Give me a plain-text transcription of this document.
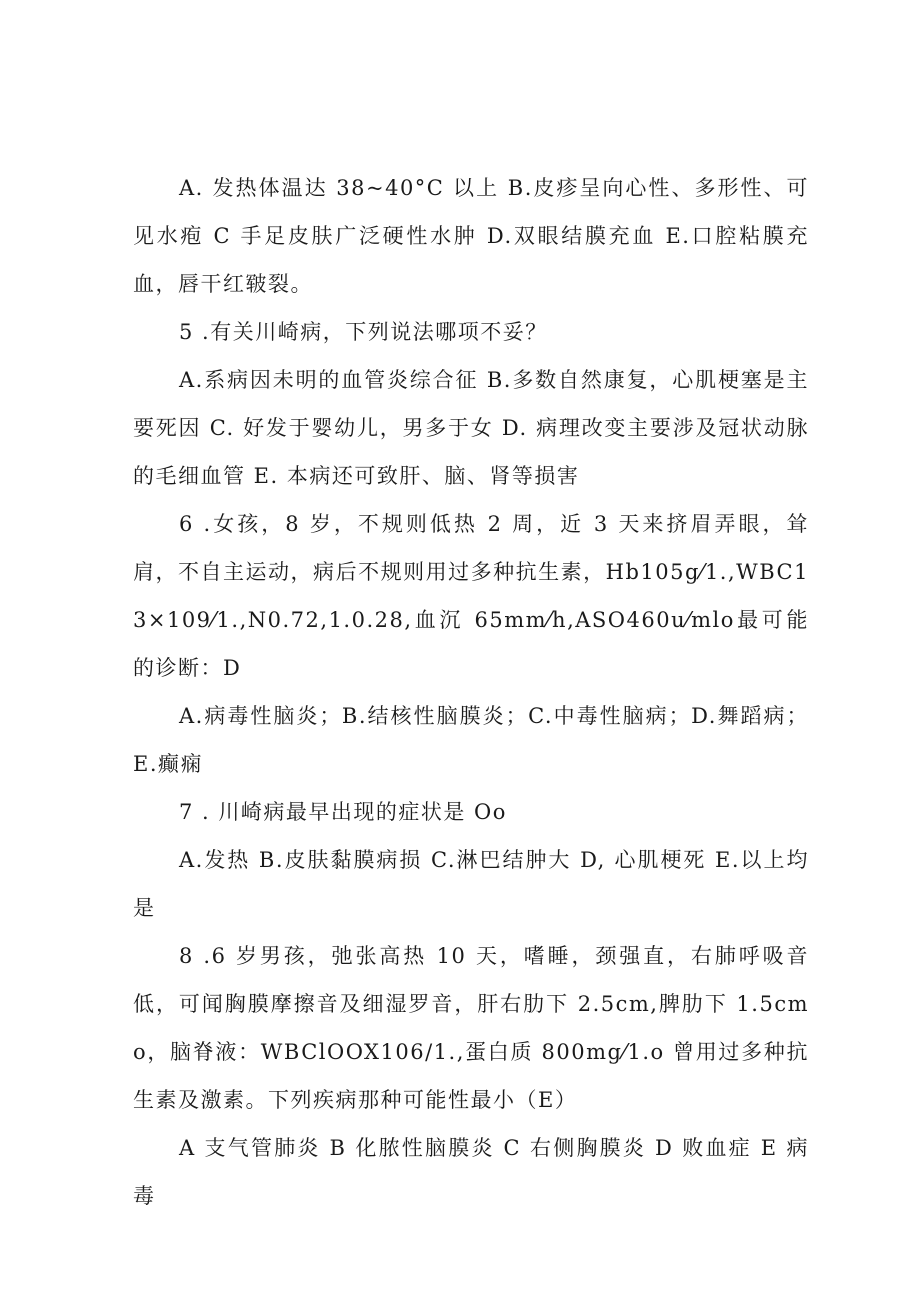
A. 发热体温达 38~40°C 以上 B.皮疹呈向心性、多形性、可见水疱 C 手足皮肤广泛硬性水肿 D.双眼结膜充血 E.口腔粘膜充血，唇干红皲裂。

5 .有关川崎病，下列说法哪项不妥？

A.系病因未明的血管炎综合征 B.多数自然康复，心肌梗塞是主要死因 C. 好发于婴幼儿，男多于女 D. 病理改变主要涉及冠状动脉的毛细血管 E. 本病还可致肝、脑、肾等损害

6 .女孩，8 岁，不规则低热 2 周，近 3 天来挤眉弄眼，耸肩，不自主运动，病后不规则用过多种抗生素，Hb105g⁄1.,WBC13×109⁄1.,N0.72,1.0.28,血沉 65mm⁄h,ASO460u⁄mlo最可能的诊断：D

A.病毒性脑炎；B.结核性脑膜炎；C.中毒性脑病；D.舞蹈病；E.癫痫

7 . 川崎病最早出现的症状是 Oo

A.发热 B.皮肤黏膜病损 C.淋巴结肿大 D, 心肌梗死 E.以上均是

8 .6 岁男孩，弛张高热 10 天，嗜睡，颈强直，右肺呼吸音低，可闻胸膜摩擦音及细湿罗音，肝右肋下 2.5cm,脾肋下 1.5cmo，脑脊液：WBClOOX106/1.,蛋白质 800mg⁄1.o 曾用过多种抗生素及激素。下列疾病那种可能性最小（E）

A 支气管肺炎 B 化脓性脑膜炎 C 右侧胸膜炎 D 败血症 E 病毒
